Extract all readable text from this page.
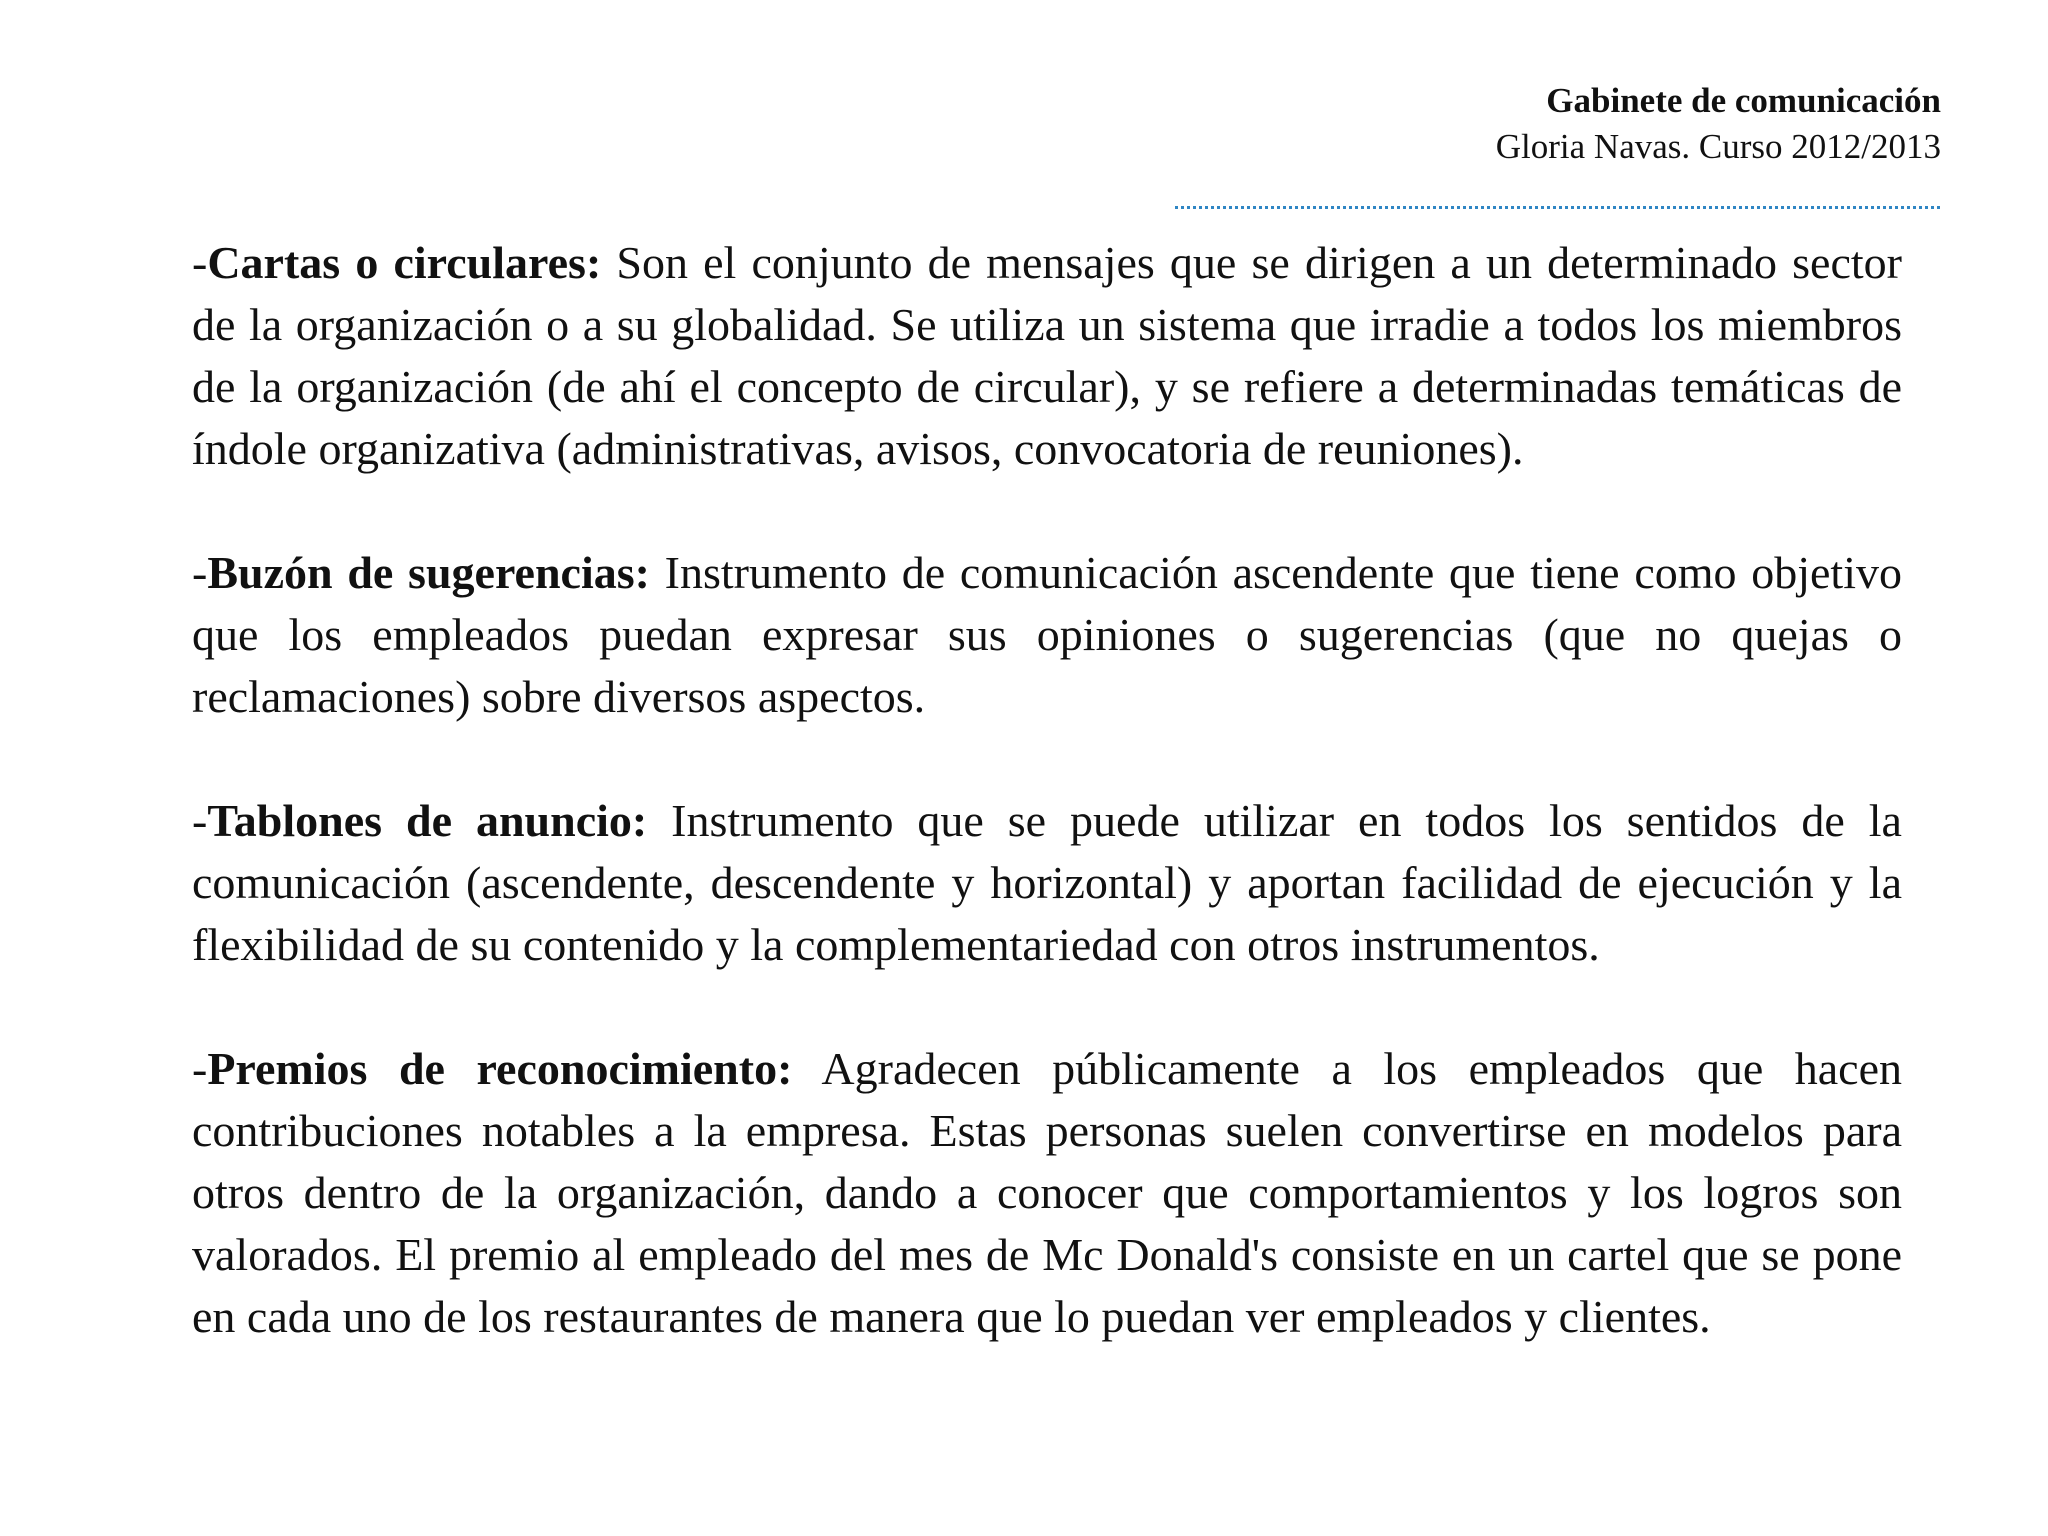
Gabinete de comunicación
Gloria Navas. Curso 2012/2013

-Cartas o circulares: Son el conjunto de mensajes que se dirigen a un determinado sector de la organización o a su globalidad. Se utiliza un sistema que irradie a todos los miembros de la organización (de ahí el concepto de circular), y se refiere a determinadas temáticas de índole organizativa (administrativas, avisos, convocatoria de reuniones).

-Buzón de sugerencias: Instrumento de comunicación ascendente que tiene como objetivo que los empleados puedan expresar sus opiniones o sugerencias (que no quejas o reclamaciones) sobre diversos aspectos.

-Tablones de anuncio: Instrumento que se puede utilizar en todos los sentidos de la comunicación (ascendente, descendente y horizontal) y aportan facilidad de ejecución y la flexibilidad de su contenido y la complementariedad con otros instrumentos.

-Premios de reconocimiento: Agradecen públicamente a los empleados que hacen contribuciones notables a la empresa. Estas personas suelen convertirse en modelos para otros dentro de la organización, dando a conocer que comportamientos y los logros son valorados. El premio al empleado del mes de Mc Donald's consiste en un cartel que se pone en cada uno de los restaurantes de manera que lo puedan ver empleados y clientes.
